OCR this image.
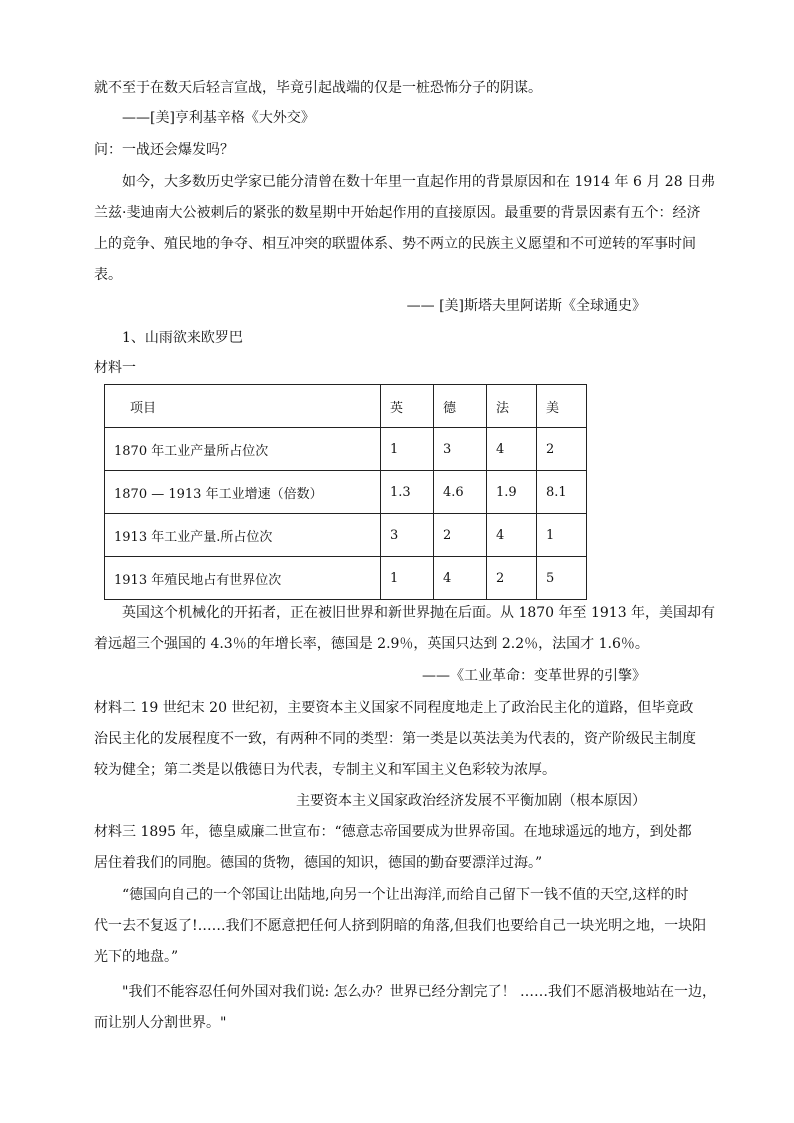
就不至于在数天后轻言宣战，毕竟引起战端的仅是一桩恐怖分子的阴谋。
——[美]亨利基辛格《大外交》
问：一战还会爆发吗？
如今，大多数历史学家已能分清曾在数十年里一直起作用的背景原因和在 1914 年 6 月 28 日弗
兰兹·斐迪南大公被刺后的紧张的数星期中开始起作用的直接原因。最重要的背景因素有五个：经济
上的竞争、殖民地的争夺、相互冲突的联盟体系、势不两立的民族主义愿望和不可逆转的军事时间
表。
—— [美]斯塔夫里阿诺斯《全球通史》
1、山雨欲来欧罗巴
材料一
项目	英	德	法	美
1870 年工业产量所占位次	1	3	4	2
1870 — 1913 年工业增速（倍数）	1.3	4.6	1.9	8.1
1913 年工业产量.所占位次	3	2	4	1
1913 年殖民地占有世界位次	1	4	2	5
英国这个机械化的开拓者，正在被旧世界和新世界抛在后面。从 1870 年至 1913 年，美国却有
着远超三个强国的 4.3％的年增长率，德国是 2.9％，英国只达到 2.2％，法国才 1.6％。
——《工业革命：变革世界的引擎》
材料二 19 世纪末 20 世纪初，主要资本主义国家不同程度地走上了政治民主化的道路，但毕竟政
治民主化的发展程度不一致，有两种不同的类型：第一类是以英法美为代表的，资产阶级民主制度
较为健全；第二类是以俄德日为代表，专制主义和军国主义色彩较为浓厚。
主要资本主义国家政治经济发展不平衡加剧（根本原因）
材料三 1895 年，德皇威廉二世宣布：“德意志帝国要成为世界帝国。在地球遥远的地方，到处都
居住着我们的同胞。德国的货物，德国的知识，德国的勤奋要漂洋过海。”
“德国向自己的一个邻国让出陆地,向另一个让出海洋,而给自己留下一钱不值的天空,这样的时
代一去不复返了!……我们不愿意把任何人挤到阴暗的角落,但我们也要给自己一块光明之地，一块阳
光下的地盘。”
"我们不能容忍任何外国对我们说: 怎么办？世界已经分割完了！ ……我们不愿消极地站在一边，
而让别人分割世界。"
